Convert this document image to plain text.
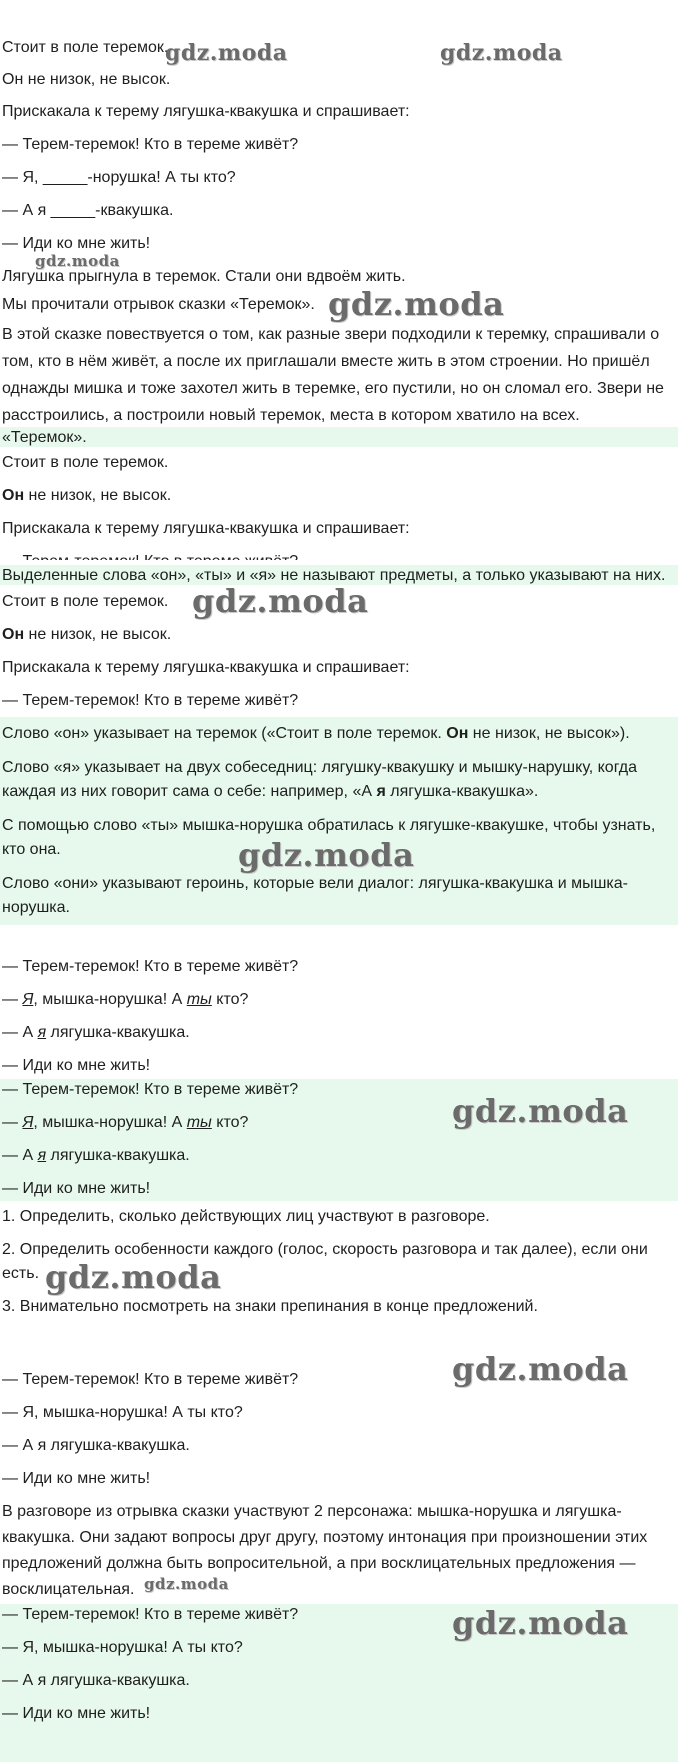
Стоит в поле теремок.
Он не низок, не высок.
Прискакала к терему лягушка-квакушка и спрашивает:
— Терем-теремок! Кто в тереме живёт?
— Я, _____-норушка! А ты кто?
— А я _____-квакушка.
— Иди ко мне жить!
Лягушка прыгнула в теремок. Стали они вдвоём жить.
Мы прочитали отрывок сказки «Теремок».
В этой сказке повествуется о том, как разные звери подходили к теремку, спрашивали о
том, кто в нём живёт, а после их приглашали вместе жить в этом строении. Но пришёл
однажды мишка и тоже захотел жить в теремке, его пустили, но он сломал его. Звери не
расстроились, а построили новый теремок, места в котором хватило на всех.
«Теремок».
Стоит в поле теремок.
Он не низок, не высок.
Прискакала к терему лягушка-квакушка и спрашивает:
Выделенные слова «он», «ты» и «я» не называют предметы, а только указывают на них.
Стоит в поле теремок.
Он не низок, не высок.
Прискакала к терему лягушка-квакушка и спрашивает:
— Терем-теремок! Кто в тереме живёт?
Слово «он» указывает на теремок («Стоит в поле теремок. Он не низок, не высок»).
Слово «я» указывает на двух собеседниц: лягушку-квакушку и мышку-нарушку, когда
каждая из них говорит сама о себе: например, «А я лягушка-квакушка».
С помощью слово «ты» мышка-норушка обратилась к лягушке-квакушке, чтобы узнать,
кто она.
Слово «они» указывают героинь, которые вели диалог: лягушка-квакушка и мышка-
норушка.
— Терем-теремок! Кто в тереме живёт?
— Я, мышка-норушка! А ты кто?
— А я лягушка-квакушка.
— Иди ко мне жить!
— Терем-теремок! Кто в тереме живёт?
— Я, мышка-норушка! А ты кто?
— А я лягушка-квакушка.
— Иди ко мне жить!
1. Определить, сколько действующих лиц участвуют в разговоре.
2. Определить особенности каждого (голос, скорость разговора и так далее), если они
есть.
3. Внимательно посмотреть на знаки препинания в конце предложений.
— Терем-теремок! Кто в тереме живёт?
— Я, мышка-норушка! А ты кто?
— А я лягушка-квакушка.
— Иди ко мне жить!
В разговоре из отрывка сказки участвуют 2 персонажа: мышка-норушка и лягушка-
квакушка. Они задают вопросы друг другу, поэтому интонация при произношении этих
предложений должна быть вопросительной, а при восклицательных предложения —
восклицательная.
— Терем-теремок! Кто в тереме живёт?
— Я, мышка-норушка! А ты кто?
— А я лягушка-квакушка.
— Иди ко мне жить!
gdz.moda	gdz.moda
gdz.moda
gdz.moda
gdz.moda
gdz.moda
gdz.moda
gdz.moda
gdz.moda
gdz.moda
gdz.moda
